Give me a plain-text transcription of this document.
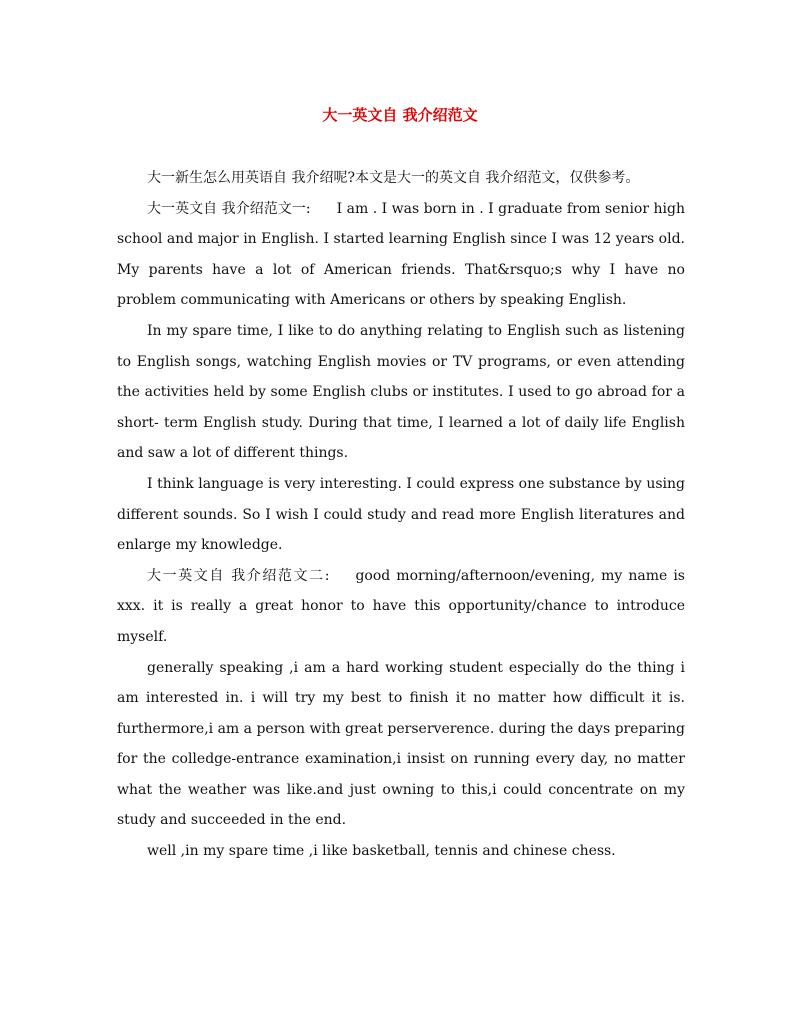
大一英文自 我介绍范文

大一新生怎么用英语自 我介绍呢?本文是大一的英文自 我介绍范文，仅供参考。

大一英文自 我介绍范文一: I am . I was born in . I graduate from senior high school and major in English. I started learning English since I was 12 years old. My parents have a lot of American friends. That&rsquo;s why I have no problem communicating with Americans or others by speaking English.

In my spare time, I like to do anything relating to English such as listening to English songs, watching English movies or TV programs, or even attending the activities held by some English clubs or institutes. I used to go abroad for a short- term English study. During that time, I learned a lot of daily life English and saw a lot of different things.

I think language is very interesting. I could express one substance by using different sounds. So I wish I could study and read more English literatures and enlarge my knowledge.

大一英文自 我介绍范文二: good morning/afternoon/evening, my name is xxx. it is really a great honor to have this opportunity/chance to introduce myself.

generally speaking ,i am a hard working student especially do the thing i am interested in. i will try my best to finish it no matter how difficult it is. furthermore,i am a person with great perserverence. during the days preparing for the colledge-entrance examination,i insist on running every day, no matter what the weather was like.and just owning to this,i could concentrate on my study and succeeded in the end.

well ,in my spare time ,i like basketball, tennis and chinese chess.
